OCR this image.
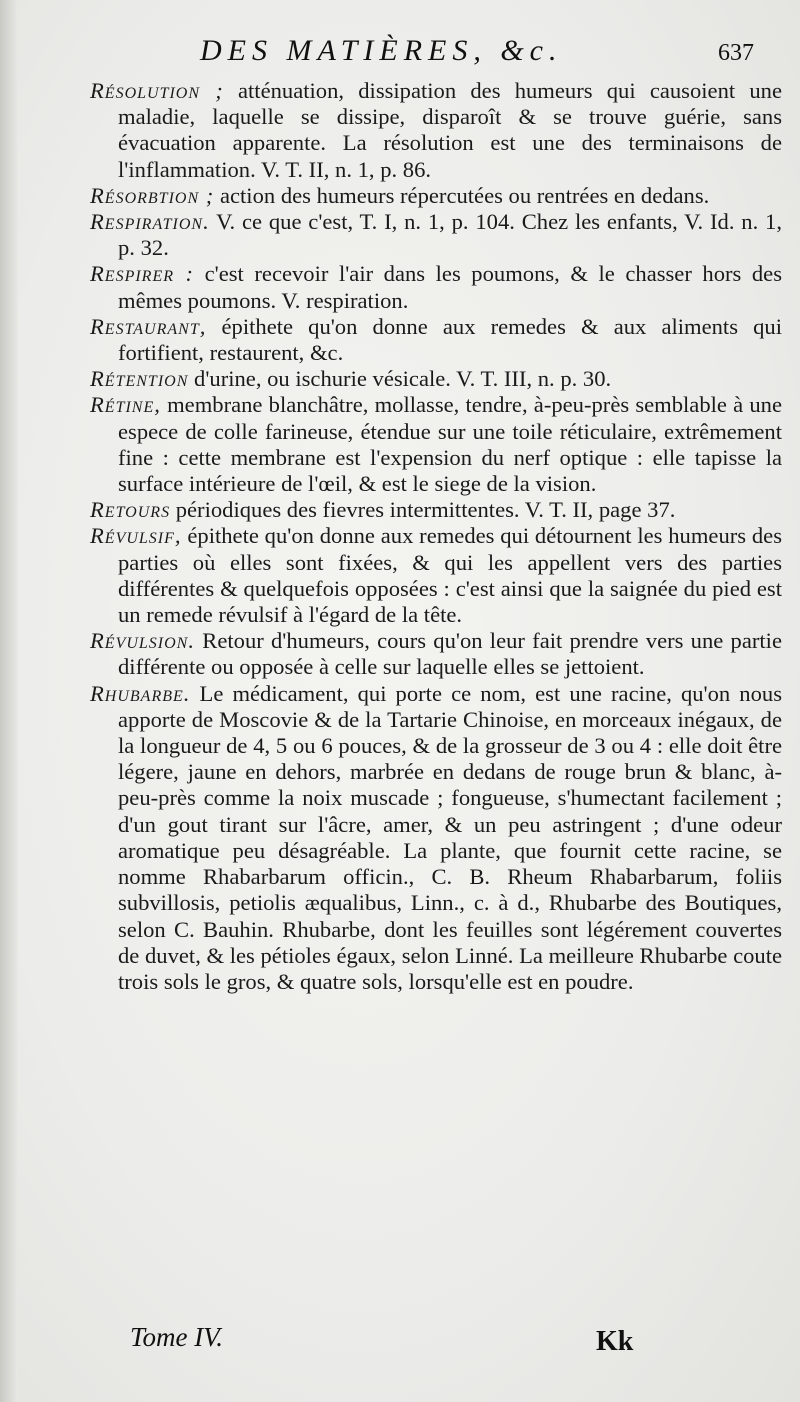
DES MATIÈRES, &c.	637

Résolution ; atténuation, dissipation des humeurs qui causoient une maladie, laquelle se dissipe, disparoît & se trouve guérie, sans évacuation apparente. La résolution est une des terminaisons de l'inflammation. V. T. II, n. 1, p. 86.

Résorbtion ; action des humeurs répercutées ou rentrées en dedans.

Respiration. V. ce que c'est, T. I, n. 1, p. 104. Chez les enfants, V. Id. n. 1, p. 32.

Respirer : c'est recevoir l'air dans les poumons, & le chasser hors des mêmes poumons. V. respiration.

Restaurant, épithete qu'on donne aux remedes & aux aliments qui fortifient, restaurent, &c.

Rétention d'urine, ou ischurie vésicale. V. T. III, n. p. 30.

Rétine, membrane blanchâtre, mollasse, tendre, à-peu-près semblable à une espece de colle farineuse, étendue sur une toile réticulaire, extrêmement fine : cette membrane est l'expension du nerf optique : elle tapisse la surface intérieure de l'œil, & est le siege de la vision.

Retours périodiques des fievres intermittentes. V. T. II, page 37.

Révulsif, épithete qu'on donne aux remedes qui détournent les humeurs des parties où elles sont fixées, & qui les appellent vers des parties différentes & quelquefois opposées : c'est ainsi que la saignée du pied est un remede révulsif à l'égard de la tête.

Révulsion. Retour d'humeurs, cours qu'on leur fait prendre vers une partie différente ou opposée à celle sur laquelle elles se jettoient.

Rhubarbe. Le médicament, qui porte ce nom, est une racine, qu'on nous apporte de Moscovie & de la Tartarie Chinoise, en morceaux inégaux, de la longueur de 4, 5 ou 6 pouces, & de la grosseur de 3 ou 4 : elle doit être légere, jaune en dehors, marbrée en dedans de rouge brun & blanc, à-peu-près comme la noix muscade ; fongueuse, s'humectant facilement ; d'un gout tirant sur l'âcre, amer, & un peu astringent ; d'une odeur aromatique peu désagréable. La plante, que fournit cette racine, se nomme Rhabarbarum officin., C. B. Rheum Rhabarbarum, foliis subvillosis, petiolis æqualibus, Linn., c. à d., Rhubarbe des Boutiques, selon C. Bauhin. Rhubarbe, dont les feuilles sont légérement couvertes de duvet, & les pétioles égaux, selon Linné. La meilleure Rhubarbe coute trois sols le gros, & quatre sols, lorsqu'elle est en poudre.

Tome IV.	Kk
